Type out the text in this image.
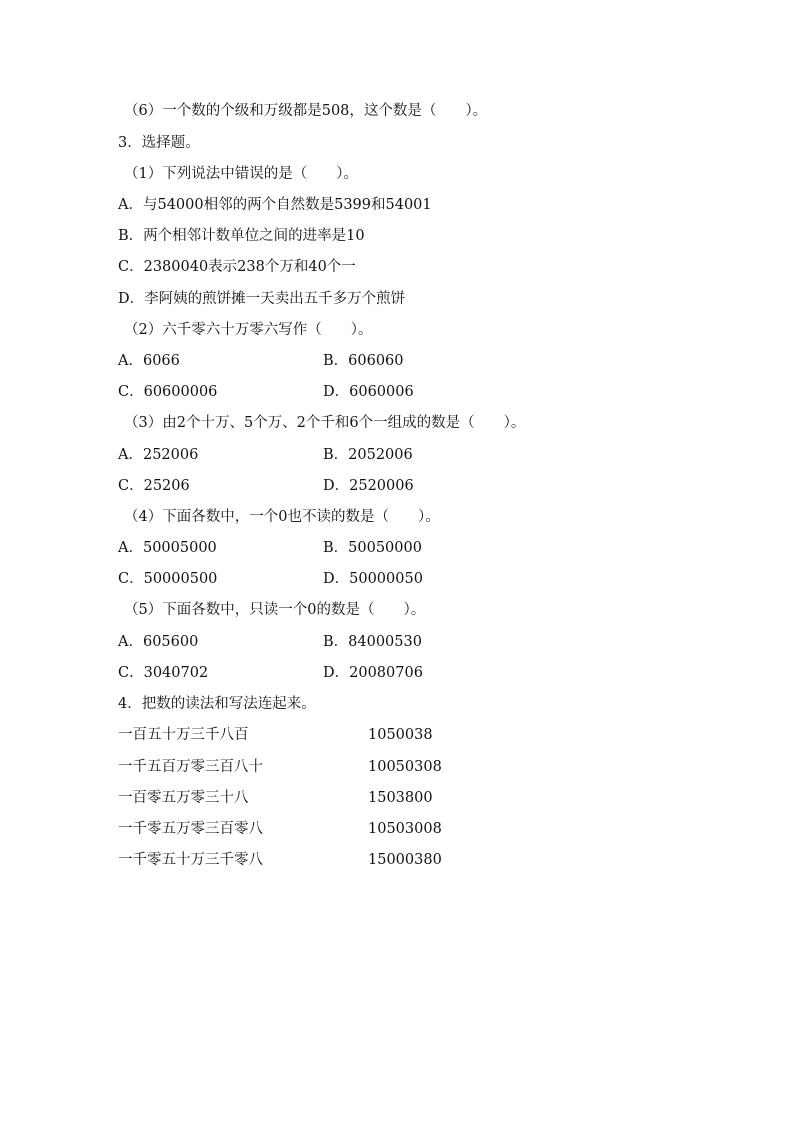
（6）一个数的个级和万级都是508，这个数是（　　）。
3．选择题。
（1）下列说法中错误的是（　　）。
A．与54000相邻的两个自然数是5399和54001
B．两个相邻计数单位之间的进率是10
C．2380040表示238个万和40个一
D．李阿姨的煎饼摊一天卖出五千多万个煎饼
（2）六千零六十万零六写作（　　）。
A．6066	B．606060
C．60600006	D．6060006
（3）由2个十万、5个万、2个千和6个一组成的数是（　　）。
A．252006	B．2052006
C．25206	D．2520006
（4）下面各数中，一个0也不读的数是（　　）。
A．50005000	B．50050000
C．50000500	D．50000050
（5）下面各数中，只读一个0的数是（　　）。
A．605600	B．84000530
C．3040702	D．20080706
4．把数的读法和写法连起来。
一百五十万三千八百	1050038
一千五百万零三百八十	10050308
一百零五万零三十八	1503800
一千零五万零三百零八	10503008
一千零五十万三千零八	15000380
